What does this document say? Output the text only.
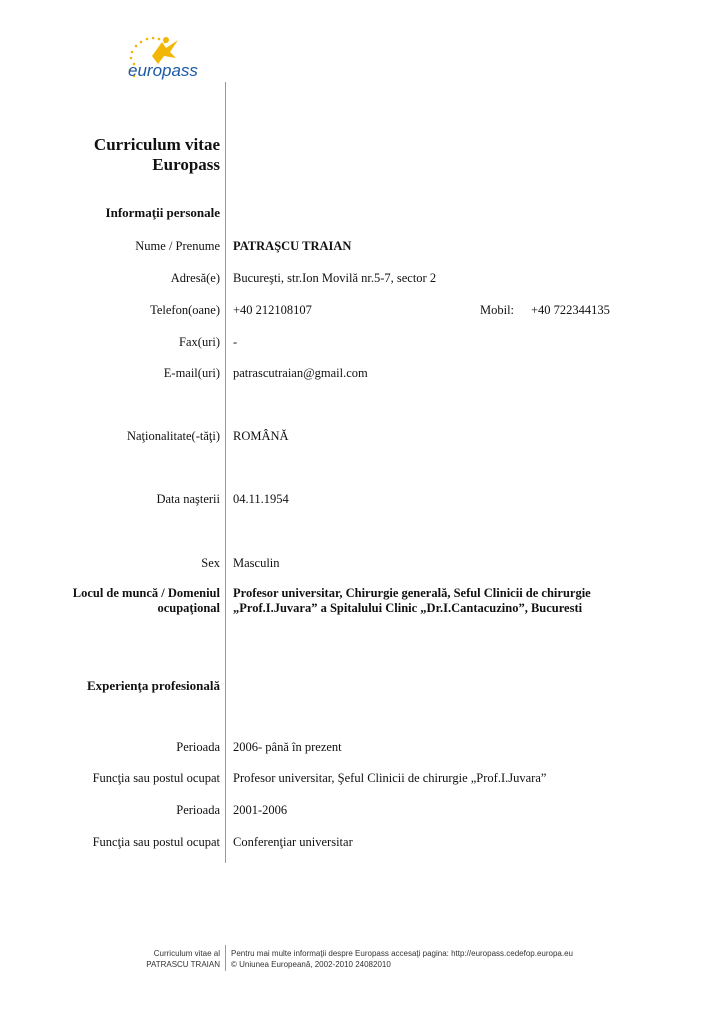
europass
Curriculum vitae
Europass
Informaţii personale
Nume / Prenume PATRAŞCU TRAIAN
Adresă(e) Bucureşti, str.Ion Movilă nr.5-7, sector 2
Telefon(oane) +40 212108107	Mobil: +40 722344135
Fax(uri) -
E-mail(uri) patrascutraian@gmail.com
Naţionalitate(-tăţi) ROMÂNĂ
Data naşterii 04.11.1954
Sex Masculin
Locul de muncă / Domeniul
ocupaţional
Profesor universitar, Chirurgie generală, Seful Clinicii de chirurgie
„Prof.I.Juvara” a Spitalului Clinic „Dr.I.Cantacuzino”, Bucuresti
Experienţa profesională
Perioada 2006- până în prezent
Funcţia sau postul ocupat Profesor universitar, Şeful Clinicii de chirurgie „Prof.I.Juvara”
Perioada 2001-2006
Funcţia sau postul ocupat Conferenţiar universitar
Curriculum vitae al
PATRASCU TRAIAN
Pentru mai multe informaţii despre Europass accesaţi pagina: http://europass.cedefop.europa.eu
© Uniunea Europeană, 2002-2010 24082010
